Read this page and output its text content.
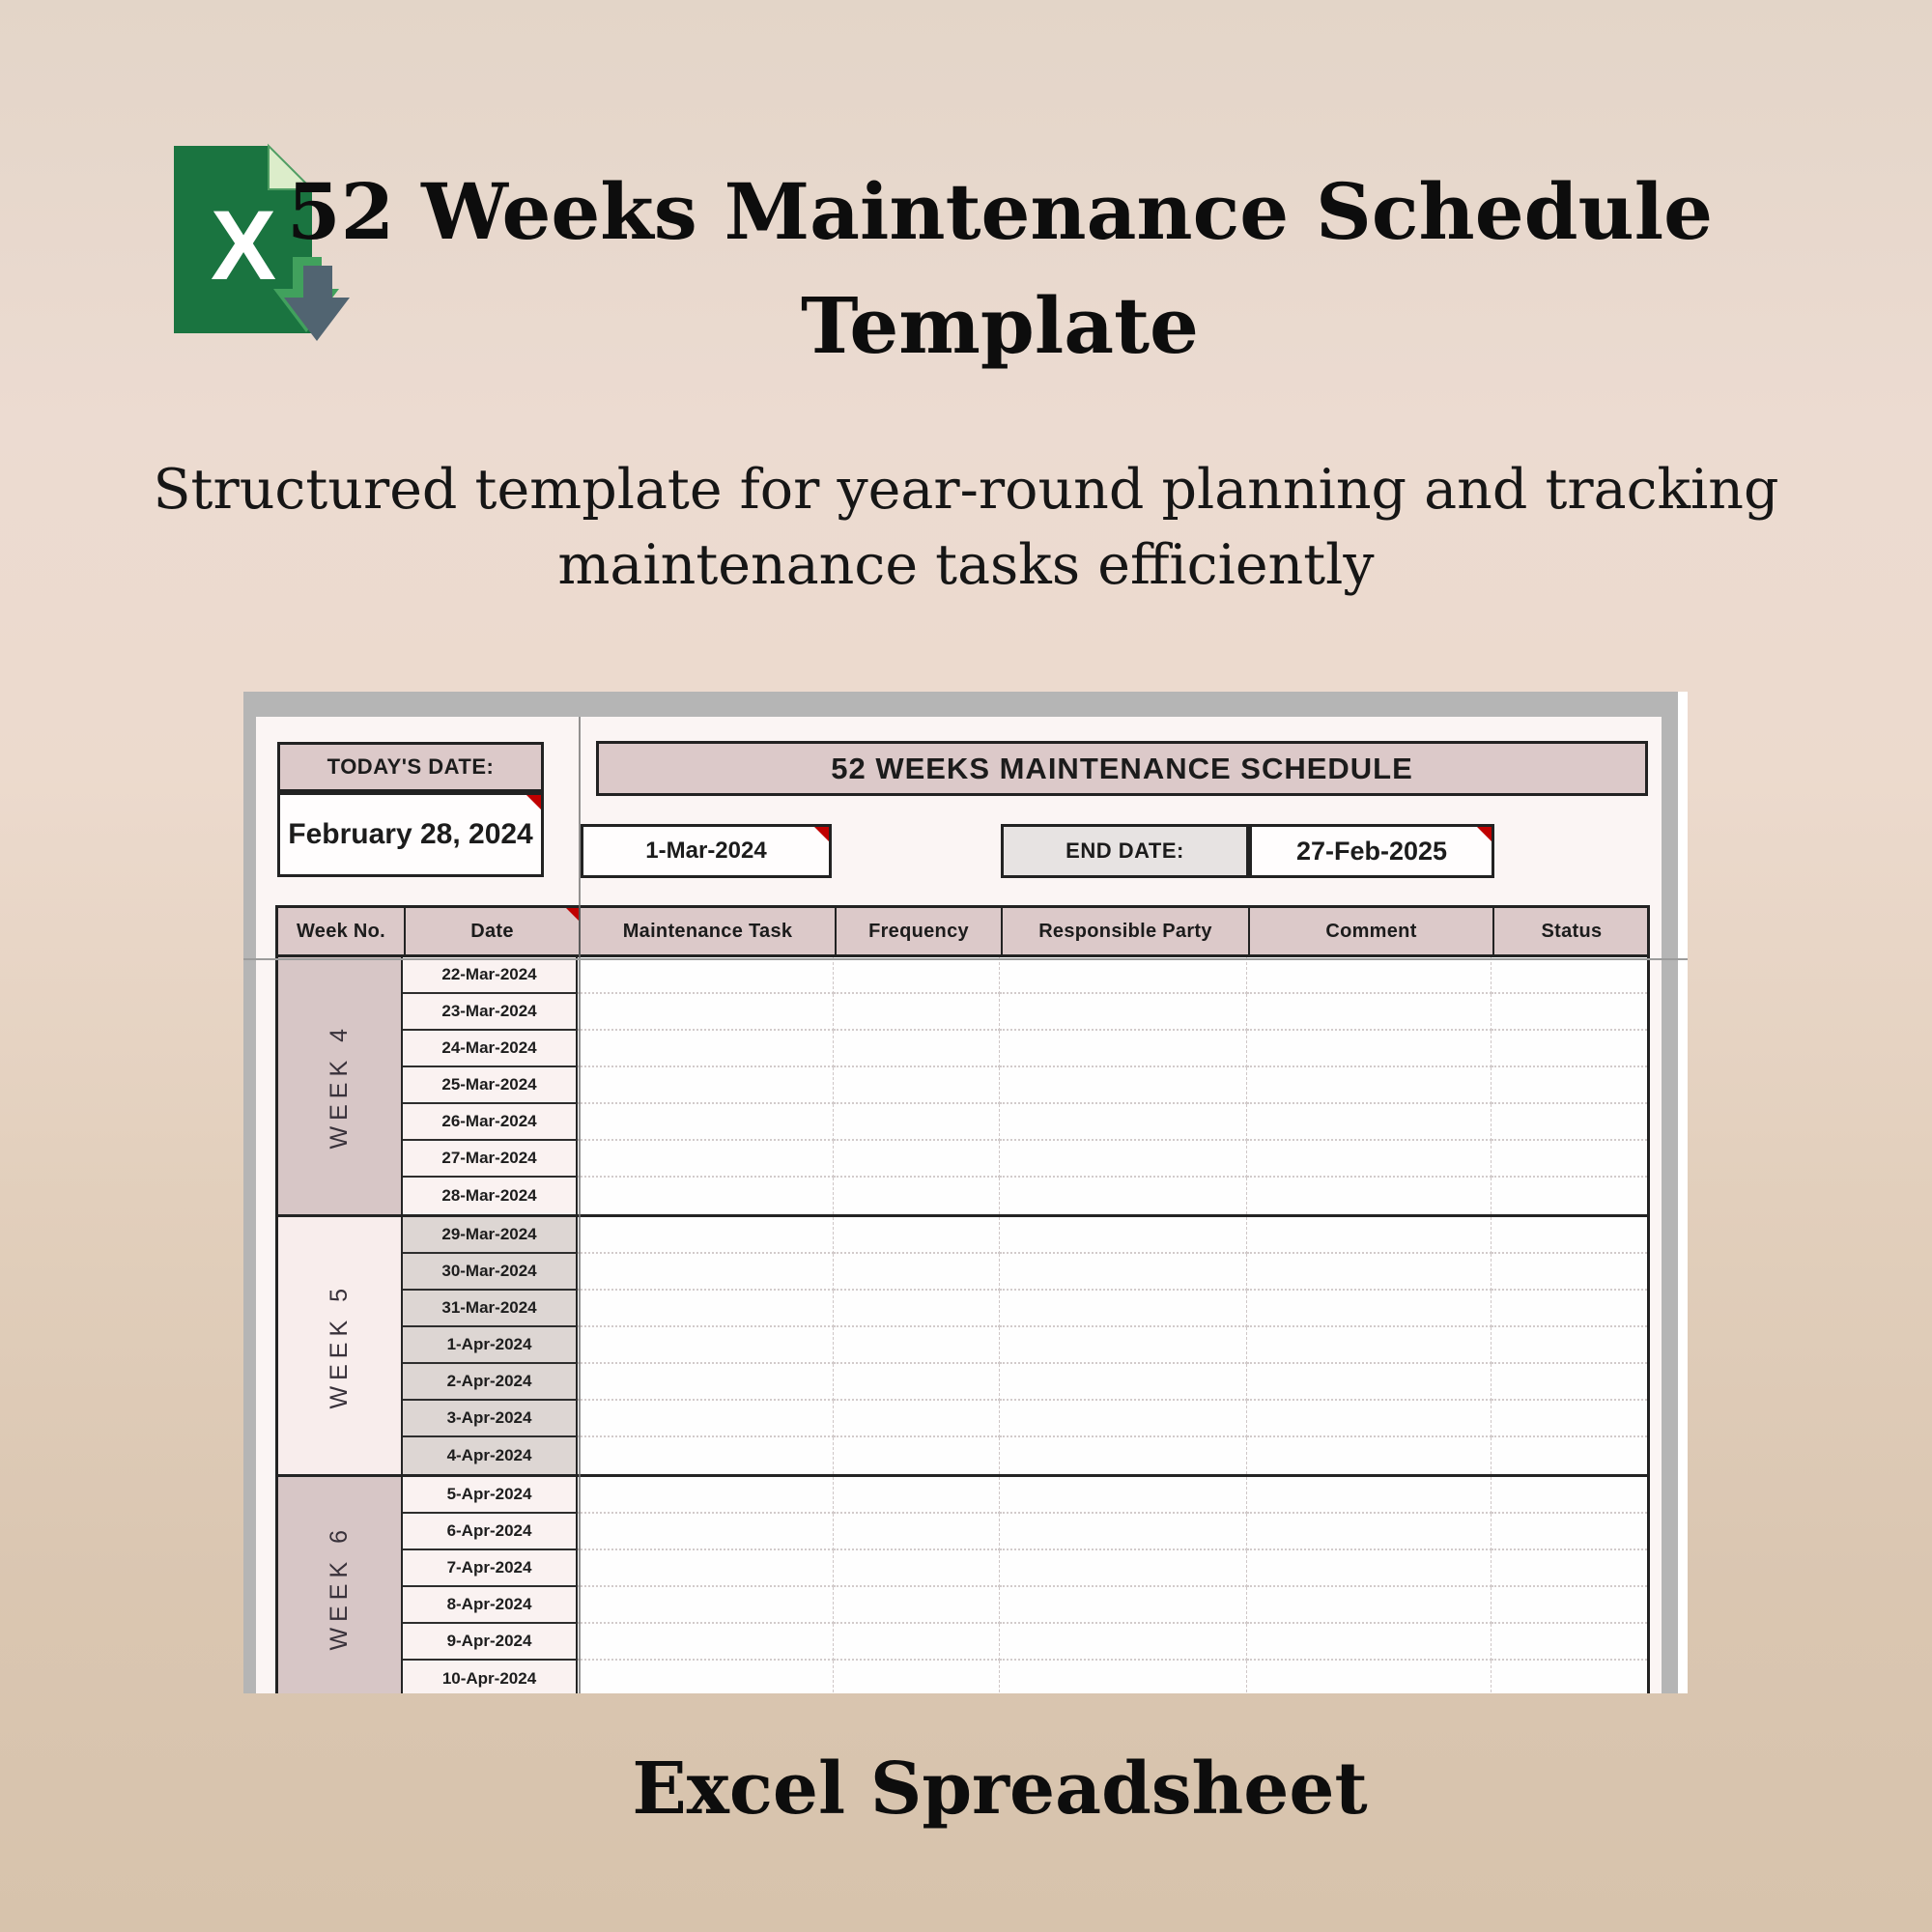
X 52 Weeks Maintenance Schedule
Template
Structured template for year-round planning and tracking
maintenance tasks efficiently
TODAY'S DATE:
February 28, 2024
52 WEEKS MAINTENANCE SCHEDULE
1-Mar-2024	END DATE:	27-Feb-2025
Week No.	Date	Maintenance Task	Frequency	Responsible Party	Comment	Status
WEEK 4
22-Mar-2024
23-Mar-2024
24-Mar-2024
25-Mar-2024
26-Mar-2024
27-Mar-2024
28-Mar-2024
WEEK 5
29-Mar-2024
30-Mar-2024
31-Mar-2024
1-Apr-2024
2-Apr-2024
3-Apr-2024
4-Apr-2024
WEEK 6
5-Apr-2024
6-Apr-2024
7-Apr-2024
8-Apr-2024
9-Apr-2024
10-Apr-2024
Excel Spreadsheet
